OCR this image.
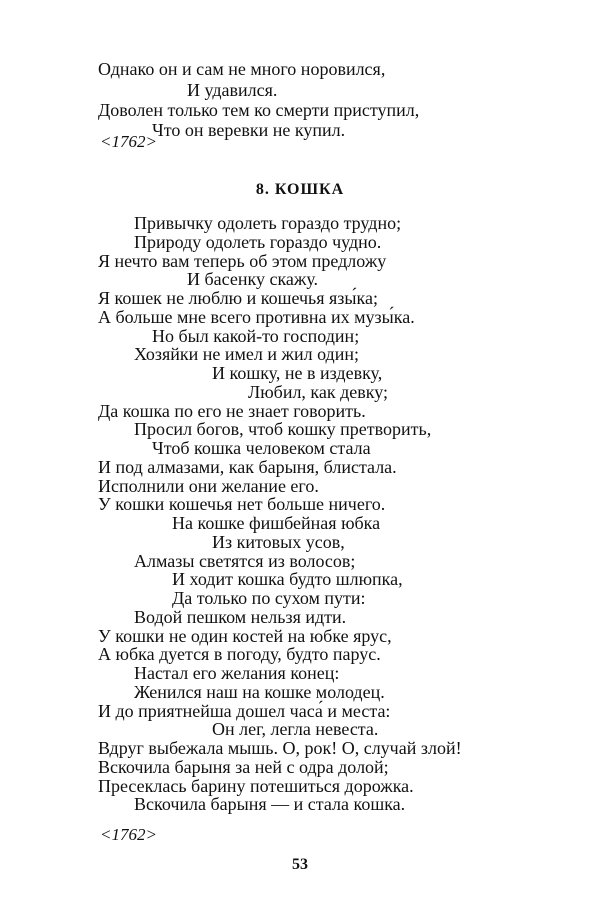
Однако он и сам не много норовился,
И удавился.
Доволен только тем ко смерти приступил,
Что он веревки не купил.
<1762>
8. КОШКА
Привычку одолеть гораздо трудно;
Природу одолеть гораздо чудно.
Я нечто вам теперь об этом предложу
И басенку скажу.
Я кошек не люблю и кошечья язы́ка;
А больше мне всего противна их музы́ка.
Но был какой-то господин;
Хозяйки не имел и жил один;
И кошку, не в издевку,
Любил, как девку;
Да кошка по его не знает говорить.
Просил богов, чтоб кошку претворить,
Чтоб кошка человеком стала
И под алмазами, как барыня, блистала.
Исполнили они желание его.
У кошки кошечья нет больше ничего.
На кошке фишбейная юбка
Из китовых усов,
Алмазы светятся из волосов;
И ходит кошка будто шлюпка,
Да только по сухом пути:
Водой пешком нельзя идти.
У кошки не один костей на юбке ярус,
А юбка дуется в погоду, будто парус.
Настал его желания конец:
Женился наш на кошке молодец.
И до приятнейша дошел часа́ и места:
Он лег, легла невеста.
Вдруг выбежала мышь. О, рок! О, случай злой!
Вскочила барыня за ней с одра долой;
Пресеклась барину потешиться дорожка.
Вскочила барыня — и стала кошка.
<1762>
53
